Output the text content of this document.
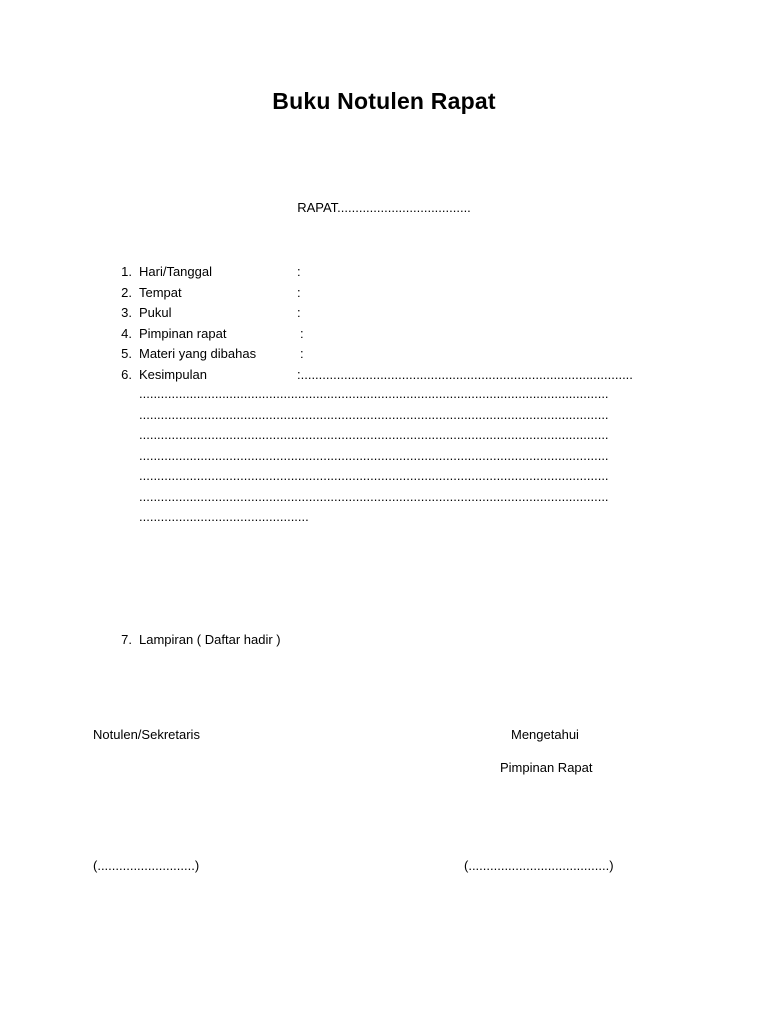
Buku Notulen Rapat
RAPAT.....................................
1. Hari/Tanggal	:
2. Tempat	:
3. Pukul	:
4. Pimpinan rapat	:
5. Materi yang dibahas	:
6. Kesimpulan	:............................................................................................
..................................................................................................................................
..................................................................................................................................
..................................................................................................................................
..................................................................................................................................
..................................................................................................................................
..................................................................................................................................
...............................................
7. Lampiran ( Daftar hadir )
Notulen/Sekretaris	Mengetahui
Pimpinan Rapat
(...........................)	(.......................................)
